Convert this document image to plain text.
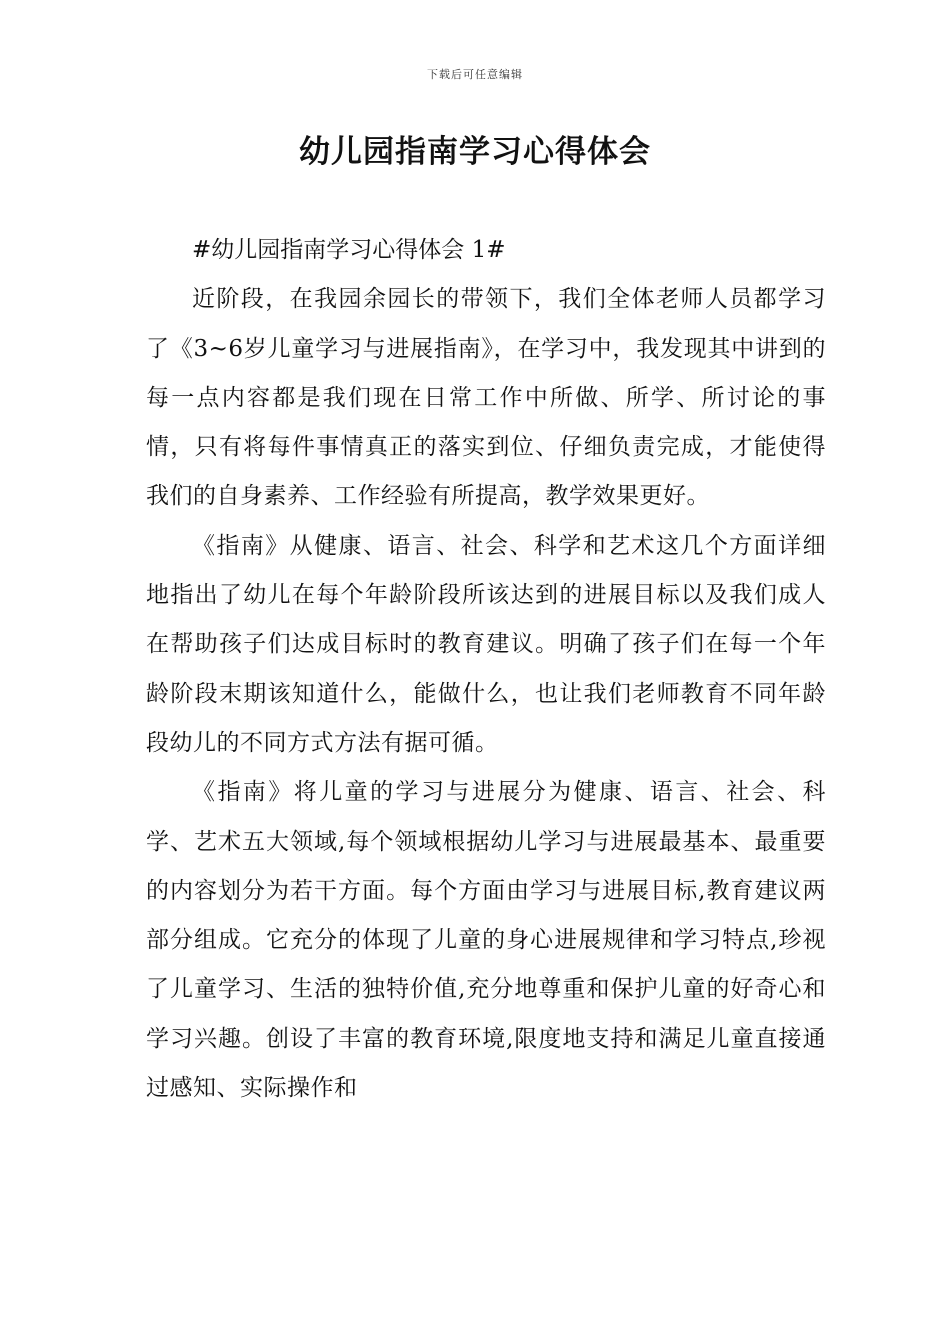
下载后可任意编辑
幼儿园指南学习心得体会

#幼儿园指南学习心得体会 1#

近阶段，在我园余园长的带领下，我们全体老师人员都学习了《3~6岁儿童学习与进展指南》，在学习中，我发现其中讲到的每一点内容都是我们现在日常工作中所做、所学、所讨论的事情，只有将每件事情真正的落实到位、仔细负责完成，才能使得我们的自身素养、工作经验有所提高，教学效果更好。

《指南》从健康、语言、社会、科学和艺术这几个方面详细地指出了幼儿在每个年龄阶段所该达到的进展目标以及我们成人在帮助孩子们达成目标时的教育建议。明确了孩子们在每一个年龄阶段末期该知道什么，能做什么，也让我们老师教育不同年龄段幼儿的不同方式方法有据可循。

《指南》将儿童的学习与进展分为健康、语言、社会、科学、艺术五大领域,每个领域根据幼儿学习与进展最基本、最重要的内容划分为若干方面。每个方面由学习与进展目标,教育建议两部分组成。它充分的体现了儿童的身心进展规律和学习特点,珍视了儿童学习、生活的独特价值,充分地尊重和保护儿童的好奇心和学习兴趣。创设了丰富的教育环境,限度地支持和满足儿童直接通过感知、实际操作和
